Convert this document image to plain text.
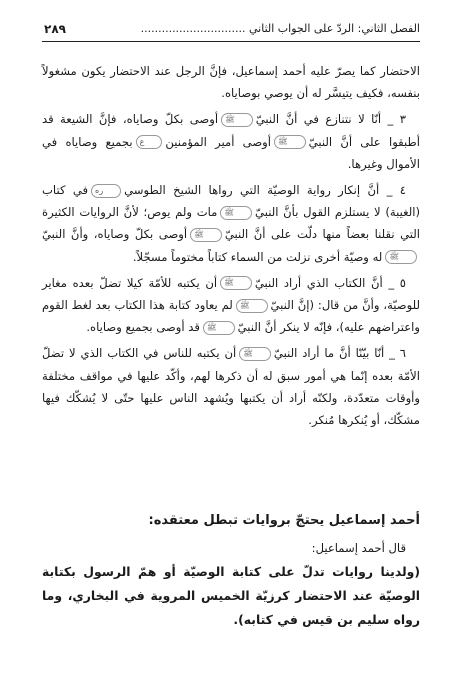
الفصل الثاني: الردّ على الجواب الثاني ..............................
٢٨٩

الاحتضار كما يصرّ عليه أحمد إسماعيل، فإنَّ الرجل عند الاحتضار يكون مشغولاً بنفسه، فكيف يتيسَّر له أن يوصي بوصاياه.

٣ _ أنّا لا نتنازع في أنَّ النبيّﷺأوصى بكلّ وصاياه، فإنَّ الشيعة قد أطبقوا على أنَّ النبيّﷺأوصى أمير المؤمنينعبجميع وصاياه في الأموال وغيرها.

٤ _ أنَّ إنكار رواية الوصيّة التي رواها الشيخ الطوسيرهفي كتاب (الغيبة) لا يستلزم القول بأنَّ النبيّﷺمات ولم يوص؛ لأنَّ الروايات الكثيرة التي نقلنا بعضاً منها دلّت على أنَّ النبيّﷺأوصى بكلّ وصاياه، وأنَّ النبيّﷺله وصيّة أخرى نزلت من السماء كتاباً مختوماً مسجّلاً.

٥ _ أنَّ الكتاب الذي أراد النبيّﷺأن يكتبه للأمّة كيلا تضلّ بعده مغاير للوصيّة، وأنَّ من قال: (إنَّ النبيّﷺلم يعاود كتابة هذا الكتاب بعد لغط القوم واعتراضهم عليه)، فإنّه لا ينكر أنَّ النبيّﷺقد أوصى بجميع وصاياه.

٦ _ أنّا بيّنّا أنَّ ما أراد النبيّﷺأن يكتبه للناس في الكتاب الذي لا تضلّ الأمّة بعده إنّما هي أمور سبق له أن ذكرها لهم، وأكّد عليها في مواقف مختلفة وأوقات متعدّدة، ولكنّه أراد أن يكتبها ويُشهد الناس عليها حتّى لا يُشكّك فيها مشكّك، أو يُنكرها مُنكر.

أحمد إسماعيل يحتجّ بروايات تبطل معتقده:
قال أحمد إسماعيل:
(ولدينا روايات تدلّ على كتابة الوصيّة أو همّ الرسول بكتابة الوصيّة عند الاحتضار كرزيّة الخميس المروية في البخاري، وما رواه سليم بن قيس في كتابه).
